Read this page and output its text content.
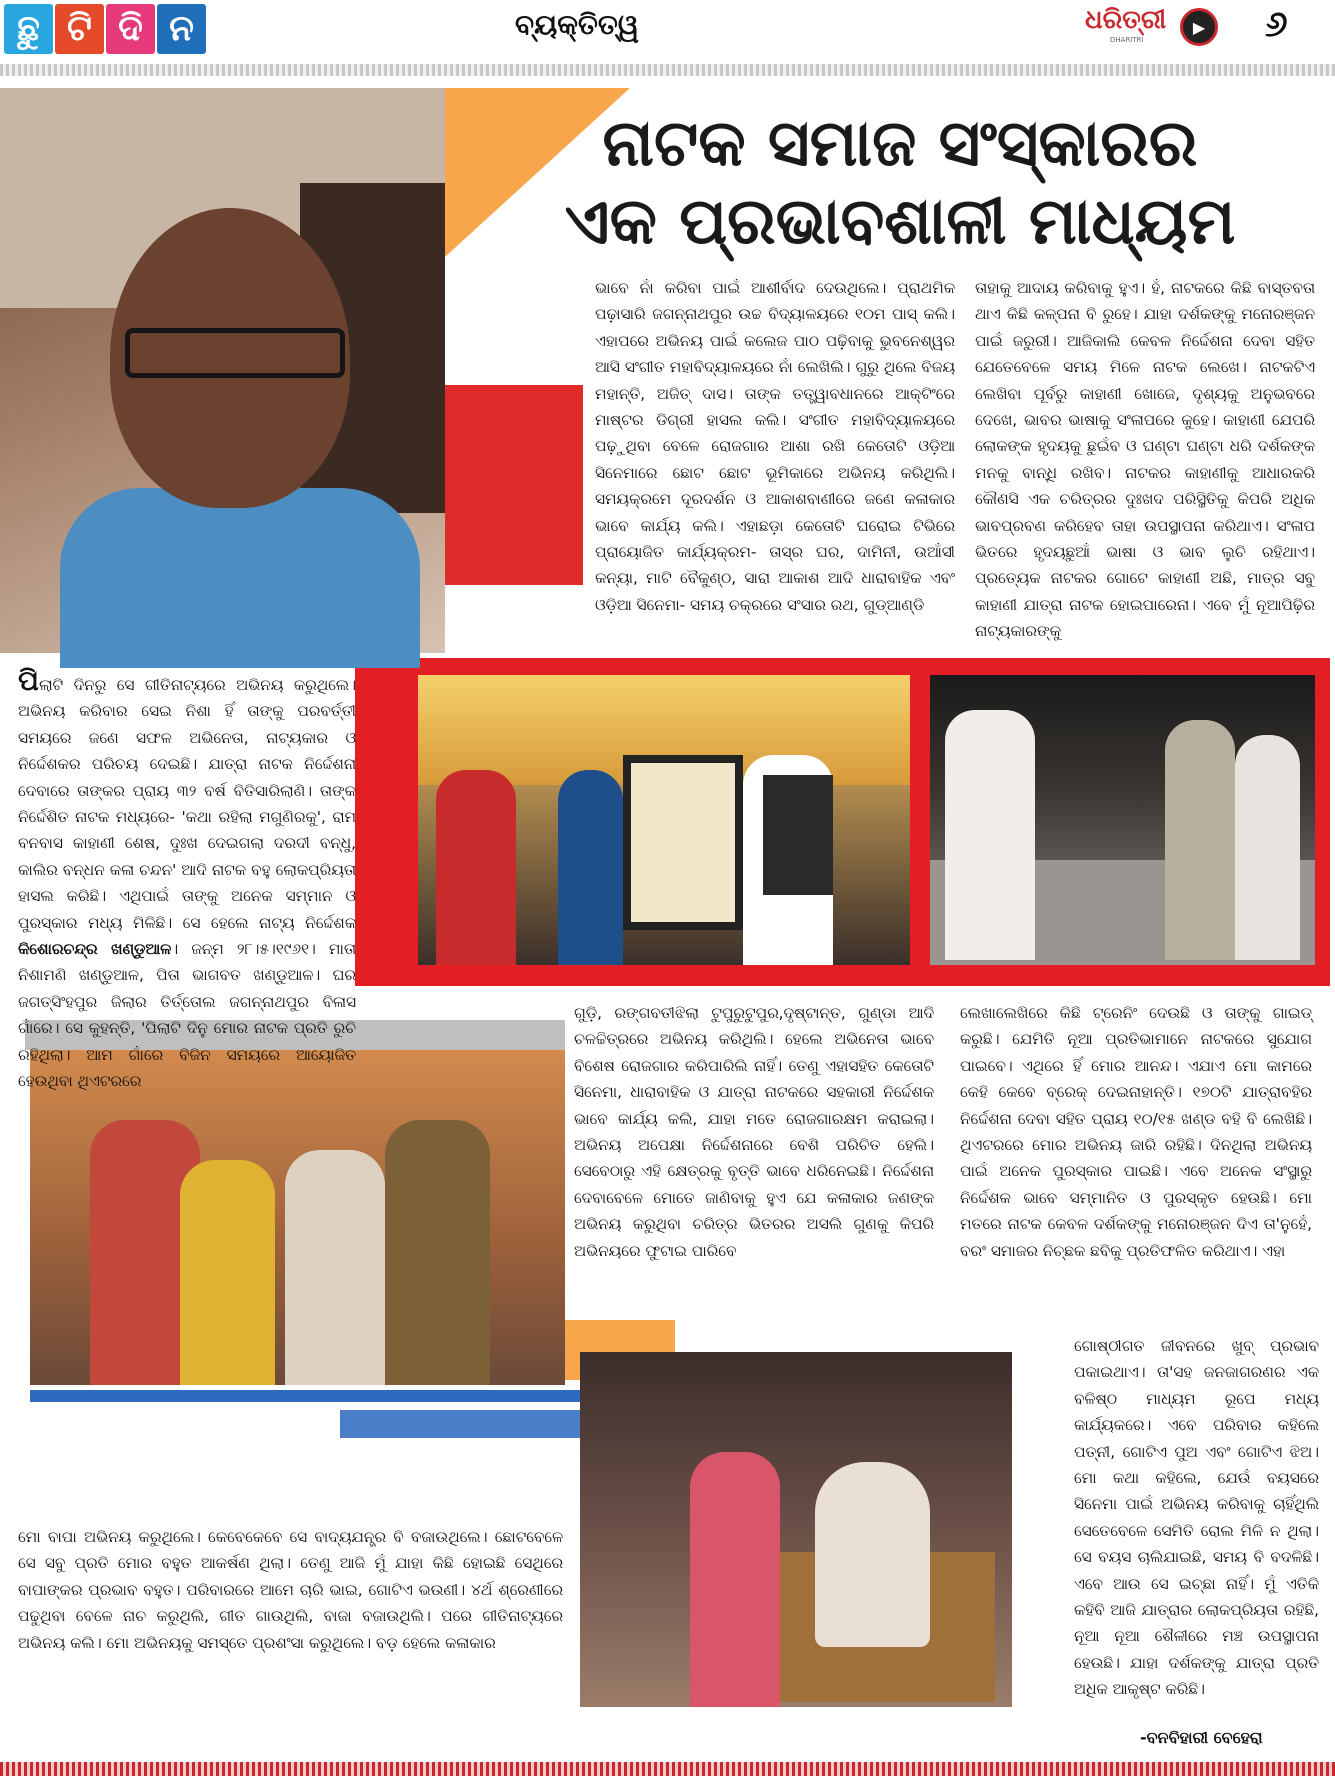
ଛୁ ଟି ଦି ନ	ବ୍ୟକ୍ତିତ୍ୱ	ଧରିତ୍ରୀ
DHARITRI
▶	୬
ନାଟକ ସମାଜ ସଂସ୍କାରର
ଏକ ପ୍ରଭାବଶାଳୀ ମାଧ୍ୟମ
ଭାବେ ନାଁ କରିବା ପାଇଁ ଆଶୀର୍ବାଦ ଦେଉଥିଲେ। ପ୍ରାଥମିକ ପଢ଼ାସାରି ଜଗନ୍ନାଥପୁର ଉଚ୍ଚ ବିଦ୍ୟାଳୟରେ ୧୦ମ ପାସ୍ କଲି। ଏହାପରେ ଅଭିନୟ ପାଇଁ କଲେଜ ପାଠ ପଢ଼ିବାକୁ ଭୁବନେଶ୍ୱର ଆସି ସଂଗୀତ ମହାବିଦ୍ୟାଳୟରେ ନାଁ ଲେଖିଲି। ଗୁରୁ ଥିଲେ ବିଜୟ ମହାନ୍ତି, ଅଜିତ୍ ଦାସ। ତାଙ୍କ ତତ୍ତ୍ୱାବଧାନରେ ଆକ୍ଟିଂରେ ମାଷ୍ଟର ଡିଗ୍ରୀ ହାସଲ କଲି। ସଂଗୀତ ମହାବିଦ୍ୟାଳୟରେ ପଢ଼ୁଥିବା ବେଳେ ରୋଜଗାର ଆଶା ରଖି କେତୋଟି ଓଡ଼ିଆ ସିନେମାରେ ଛୋଟ ଛୋଟ ଭୂମିକାରେ ଅଭିନୟ କରିଥିଲି। ସମୟକ୍ରମେ ଦୂରଦର୍ଶନ ଓ ଆକାଶବାଣୀରେ ଜଣେ କଳାକାର ଭାବେ କାର୍ଯ୍ୟ କଲି। ଏହାଛଡ଼ା କେତୋଟି ଘରୋଇ ଟିଭିରେ ପ୍ରାୟୋଜିତ କାର୍ଯ୍ୟକ୍ରମ- ତାସ୍‌ର ଘର, ଦାମିନୀ, ଉଆଁସୀ କନ୍ୟା, ମାଟି ବୈକୁଣ୍ଠ, ସାରା ଆକାଶ ଆଦି ଧାରାବାହିକ ଏବଂ ଓଡ଼ିଆ ସିନେମା- ସମୟ ଚକ୍ରରେ ସଂସାର ରଥ, ଗୁଡ୍‌ଆଣ୍ଡି
ତାହାକୁ ଆଦାୟ କରିବାକୁ ହୁଏ। ହଁ, ନାଟକରେ କିଛି ବାସ୍ତବତା ଥାଏ କିଛି କଳ୍ପନା ବି ରୁହେ। ଯାହା ଦର୍ଶକଙ୍କୁ ମନୋରଞ୍ଜନ ପାଇଁ ଜରୁରୀ। ଆଜିକାଲି କେବଳ ନିର୍ଦ୍ଦେଶନା ଦେବା ସହିତ ଯେତେବେଳେ ସମୟ ମିଳେ ନାଟକ ଲେଖେ। ନାଟକଟିଏ ଲେଖିବା ପୂର୍ବରୁ କାହାଣୀ ଖୋଜେ, ଦୃଶ୍ୟକୁ ଅନୁଭବରେ ଦେଖେ, ଭାବର ଭାଷାକୁ ସଂଳାପରେ କୁହେ। କାହାଣୀ ଯେପରି ଲୋକଙ୍କ ହୃଦୟକୁ ଛୁଇଁବ ଓ ଘଣ୍ଟା ଘଣ୍ଟା ଧରି ଦର୍ଶକଙ୍କ ମନକୁ ବାନ୍ଧି ରଖିବ। ନାଟକର କାହାଣୀକୁ ଆଧାରକରି କୌଣସି ଏକ ଚରିତ୍ରର ଦୁଃଖଦ ପରିସ୍ଥିତିକୁ କିପରି ଅଧିକ ଭାବପ୍ରବଣ କରିହେବ ତାହା ଉପସ୍ଥାପନା କରିଥାଏ। ସଂଳାପ ଭିତରେ ହୃଦୟଛୁଆଁ ଭାଷା ଓ ଭାବ ଲୁଚି ରହିଥାଏ। ପ୍ରତ୍ୟେକ ନାଟକର ଗୋଟେ କାହାଣୀ ଅଛି, ମାତ୍ର ସବୁ କାହାଣୀ ଯାତ୍ରା ନାଟକ ହୋଇପାରେନା। ଏବେ ମୁଁ ନୂଆପିଢ଼ିର ନାଟ୍ୟକାରଙ୍କୁ
ପିଲାଟି ଦିନରୁ ସେ ଗୀତିନାଟ୍ୟରେ ଅଭିନୟ କରୁଥିଲେ। ଅଭିନୟ କରିବାର ସେଇ ନିଶା ହିଁ ତାଙ୍କୁ ପରବର୍ତ୍ତୀ ସମୟରେ ଜଣେ ସଫଳ ଅଭିନେତା, ନାଟ୍ୟକାର ଓ ନିର୍ଦ୍ଦେଶକର ପରିଚୟ ଦେଇଛି। ଯାତ୍ରା ନାଟକ ନିର୍ଦ୍ଦେଶନା ଦେବାରେ ତାଙ୍କର ପ୍ରାୟ ୩୨ ବର୍ଷ ବିତିସାରିଲାଣି। ତାଙ୍କ ନିର୍ଦ୍ଦେଶିତ ନାଟକ ମଧ୍ୟରେ- 'କଥା ରହିଲା ମଗୁଣିରକୁ', ରାମ ବନବାସ କାହାଣୀ ଶେଷ, ଦୁଃଖ ଦେଇଗଲା ଦରଦୀ ବନ୍ଧୁ, କାଲିର ବନ୍ଧନ କଳା ଚନ୍ଦନ' ଆଦି ନାଟକ ବହୁ ଲୋକପ୍ରିୟତା ହାସଲ କରିଛି। ଏଥିପାଇଁ ତାଙ୍କୁ ଅନେକ ସମ୍ମାନ ଓ ପୁରସ୍କାର ମଧ୍ୟ ମିଳିଛି। ସେ ହେଲେ ନାଟ୍ୟ ନିର୍ଦ୍ଦେଶକ କିଶୋରଚନ୍ଦ୍ର ଖଣ୍ଡୁଆଳ। ଜନ୍ମ ୨୮।୫।୧୯୬୧। ମାତା ନିଶାମଣି ଖଣ୍ଡୁଆଳ, ପିତା ଭାଗବତ ଖଣ୍ଡୁଆଳ। ଘର ଜଗତ୍‌ସିଂହପୁର ଜିଲାର ତିର୍ତ୍ତୋଲ ଜଗନ୍ନାଥପୁର ବିଳାସ ଗାଁରେ। ସେ କୁହନ୍ତି, 'ପିଲାଟି ଦିନୁ ମୋର ନାଟକ ପ୍ରତି ରୁଚି ରହିଥିଲା। ଆମ ଗାଁରେ ବିଜିନ ସମୟରେ ଆୟୋଜିତ ହେଉଥିବା ଥିଏଟରରେ
ଗୁଡ଼ି, ରଙ୍ଗବତୀଝିଲା ଟୁପୁରୁଟୁପୁର,ଦୃଷ୍ଟାନ୍ତ, ଗୁଣ୍ଡା ଆଦି ଚଳଚ୍ଚିତ୍ରରେ ଅଭିନୟ କରିଥିଲି। ହେଲେ ଅଭିନେତା ଭାବେ ବିଶେଷ ରୋଜଗାର କରିପାରିଲି ନାହିଁ। ତେଣୁ ଏହାସହିତ କେତୋଟି ସିନେମା, ଧାରାବାହିକ ଓ ଯାତ୍ରା ନାଟକରେ ସହକାରୀ ନିର୍ଦ୍ଦେଶକ ଭାବେ କାର୍ଯ୍ୟ କଲି, ଯାହା ମତେ ରୋଜଗାରକ୍ଷମ କରାଇଲା। ଅଭିନୟ ଅପେକ୍ଷା ନିର୍ଦ୍ଦେଶନାରେ ବେଶି ପରିଚିତ ହେଲି। ସେବେଠାରୁ ଏହି କ୍ଷେତ୍ରକୁ ବୃତ୍ତି ଭାବେ ଧରିନେଇଛି। ନିର୍ଦ୍ଦେଶନା ଦେବାବେଳେ ମୋତେ ଜାଣିବାକୁ ହୁଏ ଯେ କଳାକାର ଜଣଙ୍କ ଅଭିନୟ କରୁଥିବା ଚରିତ୍ର ଭିତରର ଅସଲି ଗୁଣକୁ କିପରି ଅଭିନୟରେ ଫୁଟାଇ ପାରିବେ
ଲେଖାଲେଖିରେ କିଛି ଟ୍ରେନିଂ ଦେଉଛି ଓ ତାଙ୍କୁ ଗାଇଡ୍ କରୁଛି। ଯେମିତି ନୂଆ ପ୍ରତିଭାମାନେ ନାଟକରେ ସୁଯୋଗ ପାଇବେ। ଏଥିରେ ହିଁ ମୋର ଆନନ୍ଦ। ଏଯାଏ ମୋ କାମରେ କେହି କେବେ ବ୍ରେକ୍ ଦେଇନାହାନ୍ତି। ୧୭୦ଟି ଯାତ୍ରାବହିର ନିର୍ଦ୍ଦେଶନା ଦେବା ସହିତ ପ୍ରାୟ ୧୦/୧୫ ଖଣ୍ଡ ବହି ବି ଲେଖିଛି। ଥିଏଟରରେ ମୋର ଅଭିନୟ ଜାରି ରହିଛି। ଦିନଥିଲା ଅଭିନୟ ପାଇଁ ଅନେକ ପୁରସ୍କାର ପାଇଛି। ଏବେ ଅନେକ ସଂସ୍ଥାରୁ ନିର୍ଦ୍ଦେଶକ ଭାବେ ସମ୍ମାନିତ ଓ ପୁରସ୍କୃତ ହେଉଛି। ମୋ ମତରେ ନାଟକ କେବଳ ଦର୍ଶକଙ୍କୁ ମନୋରଞ୍ଜନ ଦିଏ ତା'ନୁହେଁ, ବରଂ ସମାଜର ନିଚ୍ଛକ ଛବିକୁ ପ୍ରତିଫଳିତ କରିଥାଏ। ଏହା
ଗୋଷ୍ଠୀଗତ ଜୀବନରେ ଖୁବ୍ ପ୍ରଭାବ ପକାଇଥାଏ। ତା'ସହ ଜନଜାଗରଣର ଏକ ବଳିଷ୍ଠ ମାଧ୍ୟମ ରୂପେ ମଧ୍ୟ କାର୍ଯ୍ୟକରେ। ଏବେ ପରିବାର କହିଲେ ପତ୍ନୀ, ଗୋଟିଏ ପୁଅ ଏବଂ ଗୋଟିଏ ଝିଅ। ମୋ କଥା କହିଲେ, ଯେଉଁ ବୟସରେ ସିନେମା ପାଇଁ ଅଭିନୟ କରିବାକୁ ଚାହିଁଥିଲି ସେତେବେଳେ ସେମିତି ରୋଲ ମିଳି ନ ଥିଲା। ସେ ବୟସ ଚାଲିଯାଇଛି, ସମୟ ବି ବଦଳିଛି। ଏବେ ଆଉ ସେ ଇଚ୍ଛା ନାହିଁ। ମୁଁ ଏତିକି କହିବି ଆଜି ଯାତ୍ରାର ଲୋକପ୍ରିୟତା ରହିଛି, ନୂଆ ନୂଆ ଶୈଳୀରେ ମଞ୍ଚ ଉପସ୍ଥାପନା ହେଉଛି। ଯାହା ଦର୍ଶକଙ୍କୁ ଯାତ୍ରା ପ୍ରତି ଅଧିକ ଆକୃଷ୍ଟ କରିଛି।
ମୋ ବାପା ଅଭିନୟ କରୁଥିଲେ। କେବେକେବେ ସେ ବାଦ୍ୟଯନ୍ତ୍ର ବି ବଜାଉଥିଲେ। ଛୋଟବେଳେ ସେ ସବୁ ପ୍ରତି ମୋର ବହୁତ ଆକର୍ଷଣ ଥିଲା। ତେଣୁ ଆଜି ମୁଁ ଯାହା କିଛି ହୋଇଛି ସେଥିରେ ବାପାଙ୍କର ପ୍ରଭାବ ବହୁତ। ପରିବାରରେ ଆମେ ଚାରି ଭାଇ, ଗୋଟିଏ ଭଉଣୀ। ୪ର୍ଥ ଶ୍ରେଣୀରେ ପଢୁଥିବା ବେଳେ ନାଚ କରୁଥିଲି, ଗୀତ ଗାଉଥିଲି, ବାଜା ବଜାଉଥିଲି। ପରେ ଗୀତିନାଟ୍ୟରେ ଅଭିନୟ କଲି। ମୋ ଅଭିନୟକୁ ସମସ୍ତେ ପ୍ରଶଂସା କରୁଥିଲେ। ବଡ଼ ହେଲେ କଳାକାର
-ବନବିହାରୀ ବେହେରା
